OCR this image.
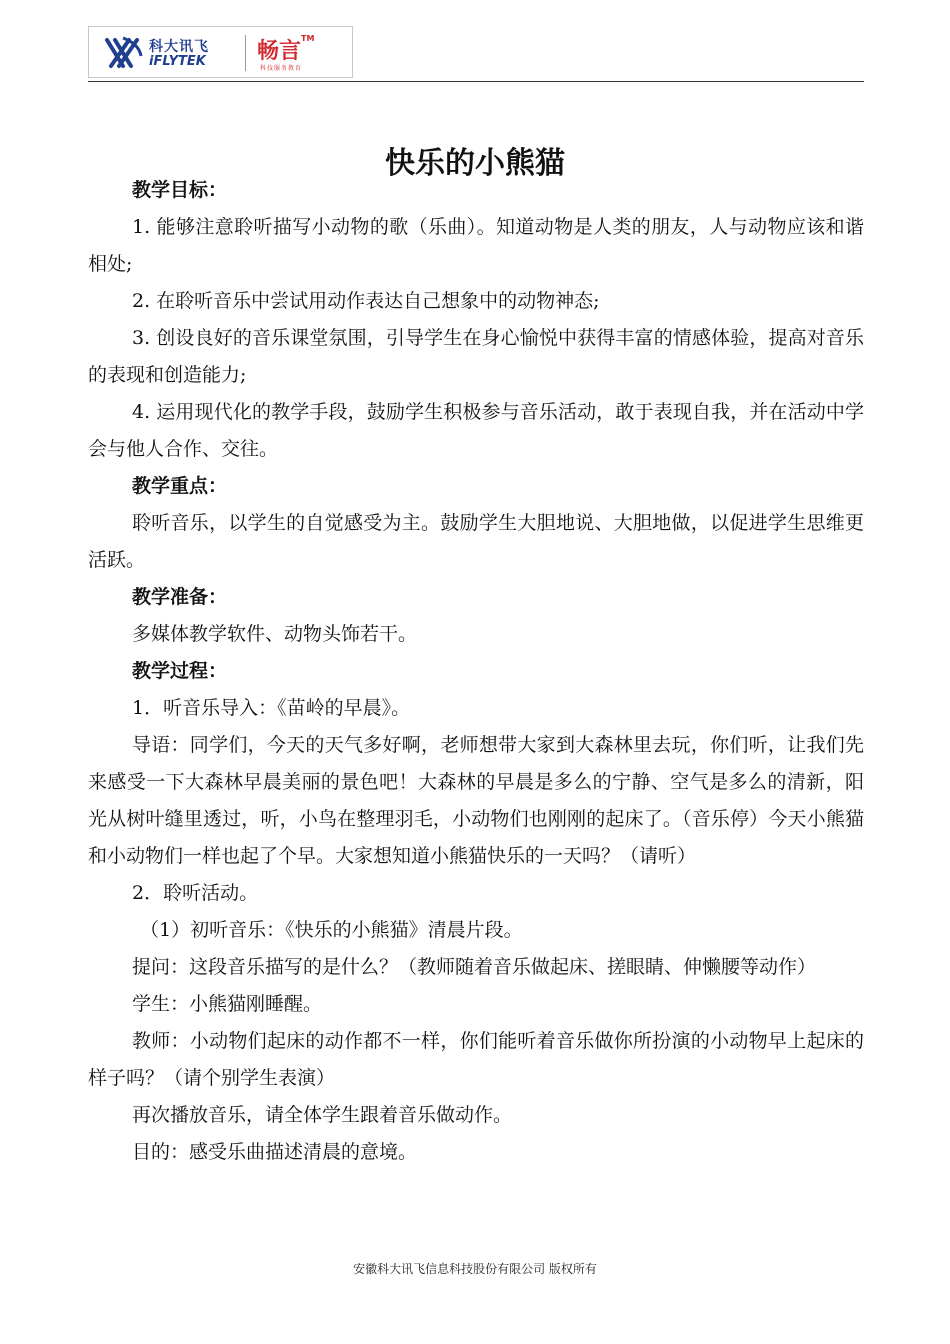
科大讯飞
iFLYTEK 畅言™
科技服务教育
快乐的小熊猫

教学目标：

1. 能够注意聆听描写小动物的歌（乐曲）。知道动物是人类的朋友，人与动物应该和谐相处;

2. 在聆听音乐中尝试用动作表达自己想象中的动物神态;

3. 创设良好的音乐课堂氛围，引导学生在身心愉悦中获得丰富的情感体验，提高对音乐的表现和创造能力;

4. 运用现代化的教学手段，鼓励学生积极参与音乐活动，敢于表现自我，并在活动中学会与他人合作、交往。

教学重点：

聆听音乐，以学生的自觉感受为主。鼓励学生大胆地说、大胆地做，以促进学生思维更活跃。

教学准备：

多媒体教学软件、动物头饰若干。

教学过程：

1．听音乐导入：《苗岭的早晨》。

导语：同学们，今天的天气多好啊，老师想带大家到大森林里去玩，你们听，让我们先来感受一下大森林早晨美丽的景色吧！大森林的早晨是多么的宁静、空气是多么的清新，阳光从树叶缝里透过，听，小鸟在整理羽毛，小动物们也刚刚的起床了。（音乐停）今天小熊猫和小动物们一样也起了个早。大家想知道小熊猫快乐的一天吗？（请听）

2．聆听活动。

（1）初听音乐：《快乐的小熊猫》清晨片段。

提问：这段音乐描写的是什么？（教师随着音乐做起床、搓眼睛、伸懒腰等动作）

学生：小熊猫刚睡醒。

教师：小动物们起床的动作都不一样，你们能听着音乐做你所扮演的小动物早上起床的样子吗？（请个别学生表演）

再次播放音乐，请全体学生跟着音乐做动作。

目的：感受乐曲描述清晨的意境。

安徽科大讯飞信息科技股份有限公司 版权所有
